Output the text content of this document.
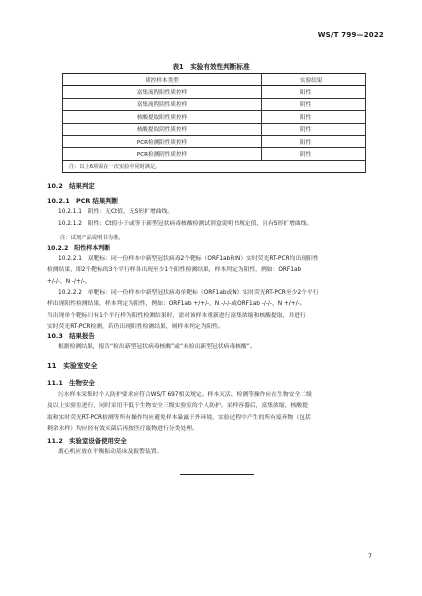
WS/T 799—2022
表1　实验有效性判断标准
质控样本类型	实验结果
富集流程阳性质控样	阳性
富集流程阴性质控样	阴性
核酸提取阳性质控样	阳性
核酸提取阴性质控样	阴性
PCR检测阳性质控样	阳性
PCR检测阴性质控样	阴性
注：以上6项需在一次实验中同时满足。	
10.2　结果判定
10.2.1　PCR 结果判断
10.2.1.1　阴性：无Ct值，无S形扩增曲线。
10.2.1.2　阳性：Ct值小于或等于新型冠状病毒核酸检测试剂盒说明书规定值，且有S形扩增曲线。
注：试剂产品说明书为准。
10.2.2　阳性样本判断
10.2.2.1　双靶标：同一份样本中新型冠状病毒2个靶标（ORF1ab和N）实时荧光RT-PCR均出现阳性
检测结果，即2个靶标的3个平行样各出现至少1个阳性检测结果，样本判定为阳性，例如：ORF1ab
+/-/-，N -/+/-。
10.2.2.2　单靶标：同一份样本中新型冠状病毒单靶标（ORF1ab或N）实时荧光RT-PCR至少2个平行
样出现阳性检测结果，样本判定为阳性，例如：ORF1ab +/+/-，N -/-/-或ORF1ab -/-/-，N +/+/-。
当出现单个靶标只有1个平行样为阳性检测结果时，需对该样本重新进行富集浓缩和核酸提取，并进行
实时荧光RT-PCR检测，若仍出现阳性检测结果，则样本判定为阳性。
10.3　结果报告
根据检测结果，报告“检出新型冠状病毒核酸”或“未检出新型冠状病毒核酸”。
11　实验室安全
11.1　生物安全
污水样本采集时个人防护要求应符合WS/T 697相关规定。样本灭活、检测等操作应在生物安全二级
及以上实验室进行，同时采用不低于生物安全三级实验室的个人防护。采样容器后，富集浓缩、核酸提
取和实时荧光RT-PCR检测等所有操作均应避免样本暴露于外环境，实验过程中产生的所有废弃物（包括
剩余水样）均应经有效灭菌后再按医疗废物进行分类处理。
11.2　实验室设备使用安全
离心机应放在平衡振动基床及报警装置。
7
